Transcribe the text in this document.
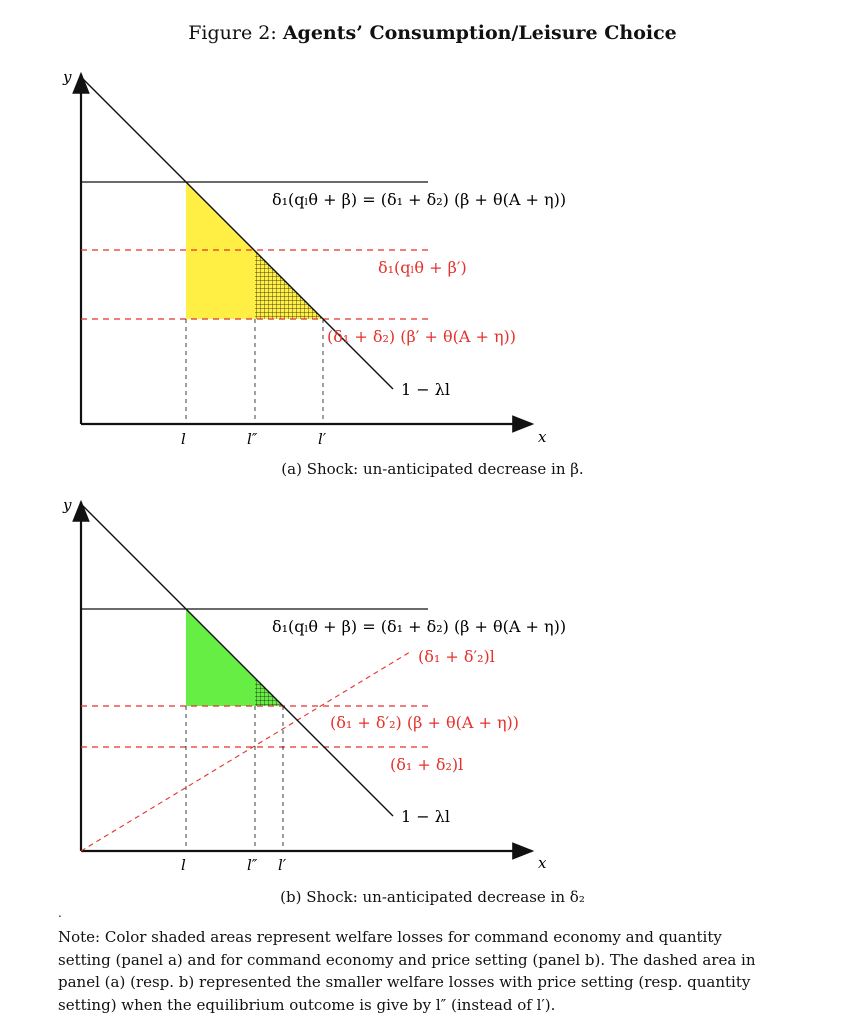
Figure 2: Agents’ Consumption/Leisure Choice
y
x
l	l″	l′
δ₁(qₗθ + β) = (δ₁ + δ₂) (β + θ(A + η))
δ₁(qₗθ + β′)
(δ₁ + δ₂) (β′ + θ(A + η))
1 − λl
y
x
l	l″ l′
δ₁(qₗθ + β) = (δ₁ + δ₂) (β + θ(A + η))
(δ₁ + δ′₂)l
(δ₁ + δ′₂) (β + θ(A + η))
(δ₁ + δ₂)l
1 − λl
(a) Shock: un-anticipated decrease in β.
(b) Shock: un-anticipated decrease in δ₂
.
Note: Color shaded areas represent welfare losses for command economy and quantity setting (panel a) and for command economy and price setting (panel b). The dashed area in panel (a) (resp. b) represented the smaller welfare losses with price setting (resp. quantity setting) when the equilibrium outcome is give by l″ (instead of l′).
